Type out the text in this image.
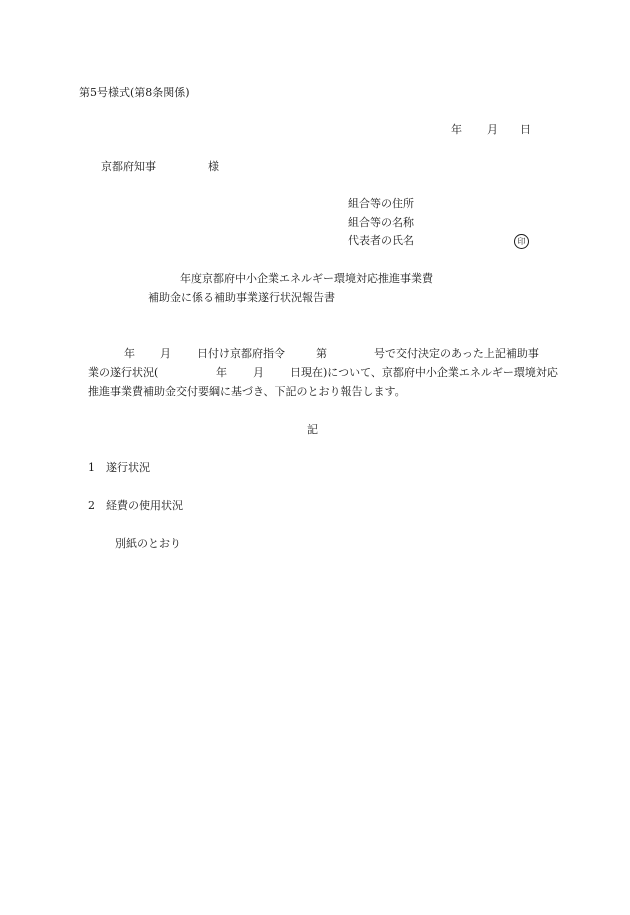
第5号様式(第8条関係)
年 月 日
京都府知事	様
組合等の住所
組合等の名称
代表者の氏名	印
年度京都府中小企業エネルギー環境対応推進事業費
補助金に係る補助事業遂行状況報告書
年 月 日付け京都府指令	第	号で交付決定のあった上記補助事
業の遂行状況(	年 月 日現在)について、京都府中小企業エネルギー環境対応
推進事業費補助金交付要綱に基づき、下記のとおり報告します。
記
1 遂行状況
2 経費の使用状況
別紙のとおり
